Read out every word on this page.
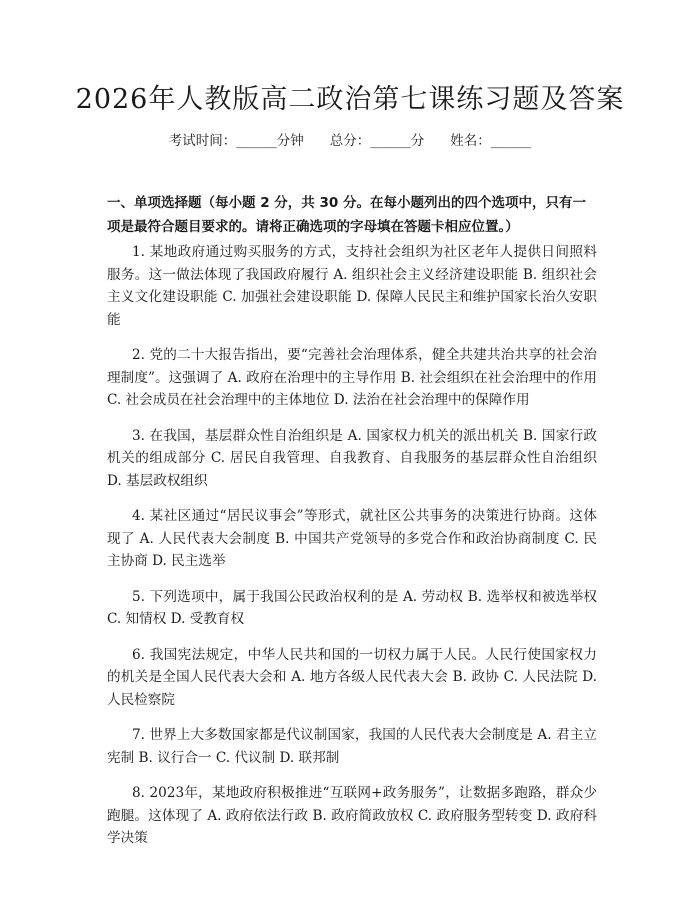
2026年人教版高二政治第七课练习题及答案
考试时间：______分钟 总分：______分 姓名：______
一、单项选择题（每小题 2 分，共 30 分。在每小题列出的四个选项中，只有一项是最符合题目要求的。请将正确选项的字母填在答题卡相应位置。）

1. 某地政府通过购买服务的方式，支持社会组织为社区老年人提供日间照料服务。这一做法体现了我国政府履行 A. 组织社会主义经济建设职能 B. 组织社会主义文化建设职能 C. 加强社会建设职能 D. 保障人民民主和维护国家长治久安职能

2. 党的二十大报告指出，要“完善社会治理体系，健全共建共治共享的社会治理制度”。这强调了 A. 政府在治理中的主导作用 B. 社会组织在社会治理中的作用 C. 社会成员在社会治理中的主体地位 D. 法治在社会治理中的保障作用

3. 在我国，基层群众性自治组织是 A. 国家权力机关的派出机关 B. 国家行政机关的组成部分 C. 居民自我管理、自我教育、自我服务的基层群众性自治组织 D. 基层政权组织

4. 某社区通过“居民议事会”等形式，就社区公共事务的决策进行协商。这体现了 A. 人民代表大会制度 B. 中国共产党领导的多党合作和政治协商制度 C. 民主协商 D. 民主选举

5. 下列选项中，属于我国公民政治权利的是 A. 劳动权 B. 选举权和被选举权 C. 知情权 D. 受教育权

6. 我国宪法规定，中华人民共和国的一切权力属于人民。人民行使国家权力的机关是全国人民代表大会和 A. 地方各级人民代表大会 B. 政协 C. 人民法院 D. 人民检察院

7. 世界上大多数国家都是代议制国家，我国的人民代表大会制度是 A. 君主立宪制 B. 议行合一 C. 代议制 D. 联邦制

8. 2023年，某地政府积极推进“互联网+政务服务”，让数据多跑路，群众少跑腿。这体现了 A. 政府依法行政 B. 政府简政放权 C. 政府服务型转变 D. 政府科学决策
